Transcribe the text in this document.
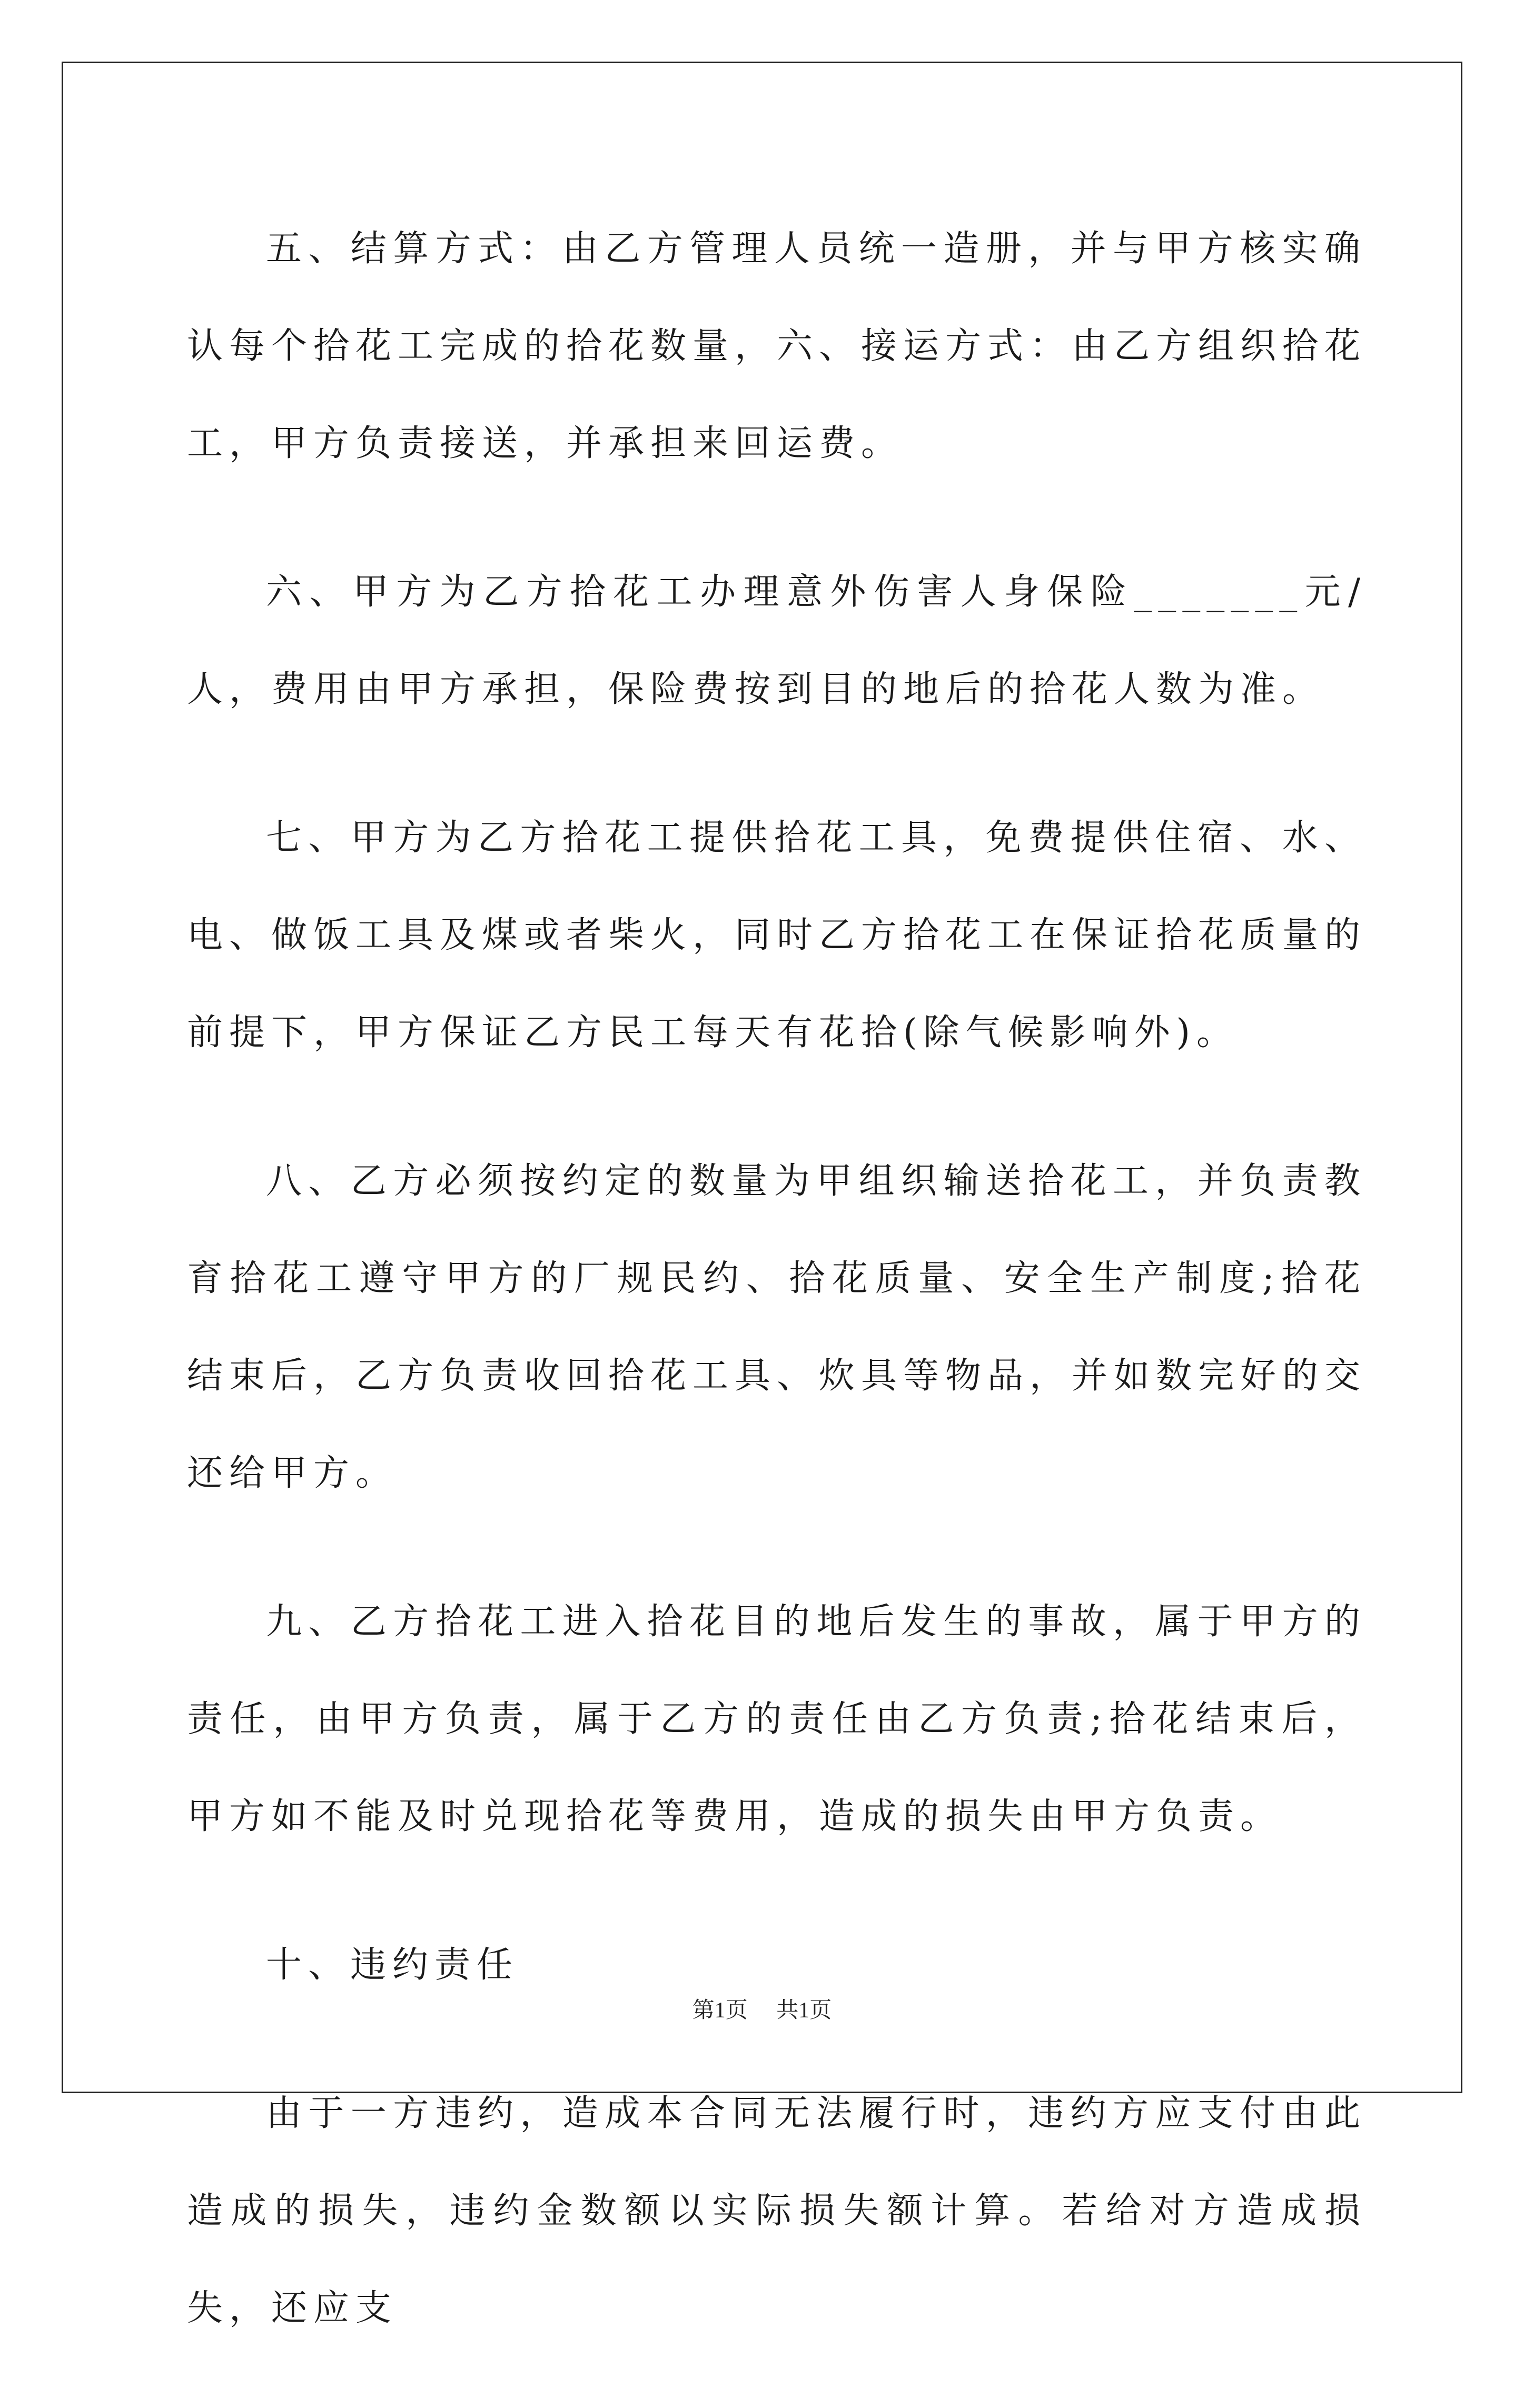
五、结算方式：由乙方管理人员统一造册，并与甲方核实确认每个拾花工完成的拾花数量，六、接运方式：由乙方组织拾花工，甲方负责接送，并承担来回运费。

六、甲方为乙方拾花工办理意外伤害人身保险_______元/人，费用由甲方承担，保险费按到目的地后的拾花人数为准。

七、甲方为乙方拾花工提供拾花工具，免费提供住宿、水、电、做饭工具及煤或者柴火，同时乙方拾花工在保证拾花质量的前提下，甲方保证乙方民工每天有花拾(除气候影响外)。

八、乙方必须按约定的数量为甲组织输送拾花工，并负责教育拾花工遵守甲方的厂规民约、拾花质量、安全生产制度;拾花结束后，乙方负责收回拾花工具、炊具等物品，并如数完好的交还给甲方。

九、乙方拾花工进入拾花目的地后发生的事故，属于甲方的责任，由甲方负责，属于乙方的责任由乙方负责;拾花结束后，甲方如不能及时兑现拾花等费用，造成的损失由甲方负责。

十、违约责任

由于一方违约，造成本合同无法履行时，违约方应支付由此造成的损失，违约金数额以实际损失额计算。若给对方造成损失，还应支

第1页 共1页
